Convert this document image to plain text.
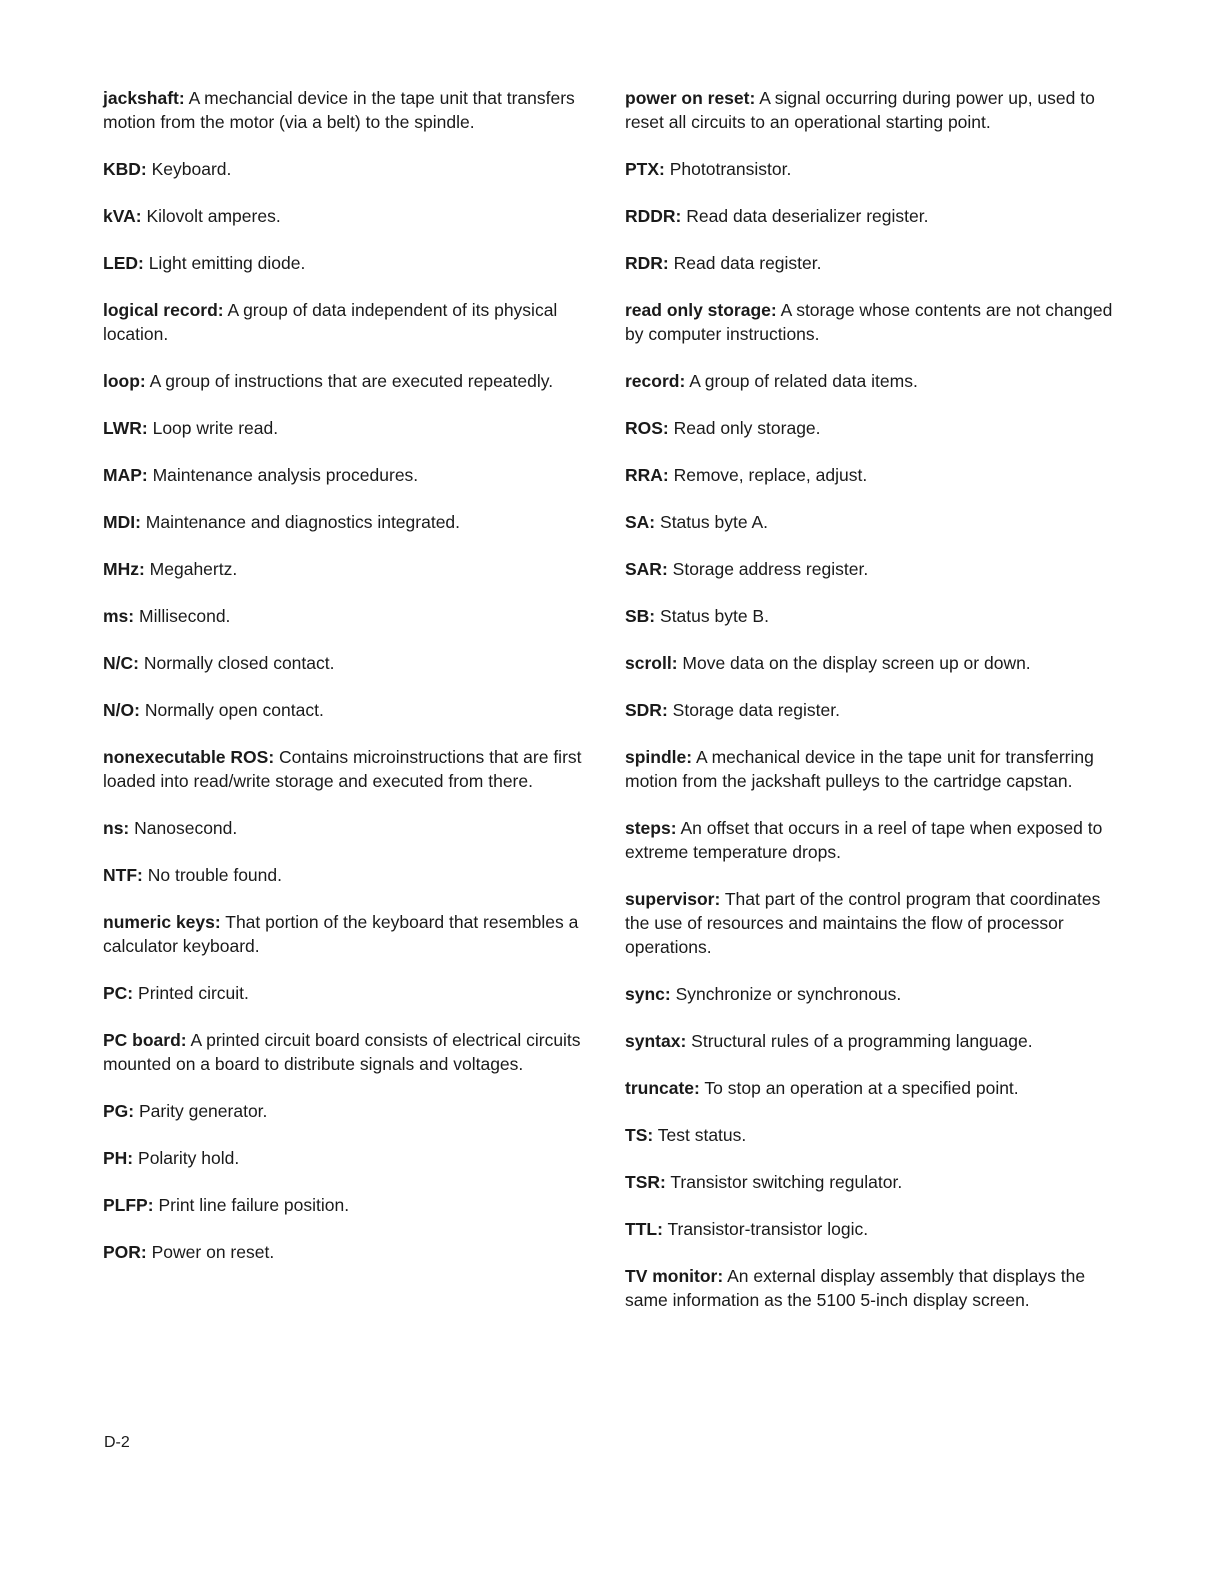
jackshaft: A mechancial device in the tape unit that transfers motion from the motor (via a belt) to the spindle.

KBD: Keyboard.

kVA: Kilovolt amperes.

LED: Light emitting diode.

logical record: A group of data independent of its physical location.

loop: A group of instructions that are executed repeatedly.

LWR: Loop write read.

MAP: Maintenance analysis procedures.

MDI: Maintenance and diagnostics integrated.

MHz: Megahertz.

ms: Millisecond.

N/C: Normally closed contact.

N/O: Normally open contact.

nonexecutable ROS: Contains microinstructions that are first loaded into read/write storage and executed from there.

ns: Nanosecond.

NTF: No trouble found.

numeric keys: That portion of the keyboard that resembles a calculator keyboard.

PC: Printed circuit.

PC board: A printed circuit board consists of electrical circuits mounted on a board to distribute signals and voltages.

PG: Parity generator.

PH: Polarity hold.

PLFP: Print line failure position.

POR: Power on reset.

power on reset: A signal occurring during power up, used to reset all circuits to an operational starting point.

PTX: Phototransistor.

RDDR: Read data deserializer register.

RDR: Read data register.

read only storage: A storage whose contents are not changed by computer instructions.

record: A group of related data items.

ROS: Read only storage.

RRA: Remove, replace, adjust.

SA: Status byte A.

SAR: Storage address register.

SB: Status byte B.

scroll: Move data on the display screen up or down.

SDR: Storage data register.

spindle: A mechanical device in the tape unit for transferring motion from the jackshaft pulleys to the cartridge capstan.

steps: An offset that occurs in a reel of tape when exposed to extreme temperature drops.

supervisor: That part of the control program that coordinates the use of resources and maintains the flow of processor operations.

sync: Synchronize or synchronous.

syntax: Structural rules of a programming language.

truncate: To stop an operation at a specified point.

TS: Test status.

TSR: Transistor switching regulator.

TTL: Transistor-transistor logic.

TV monitor: An external display assembly that displays the same information as the 5100 5-inch display screen.

D-2
